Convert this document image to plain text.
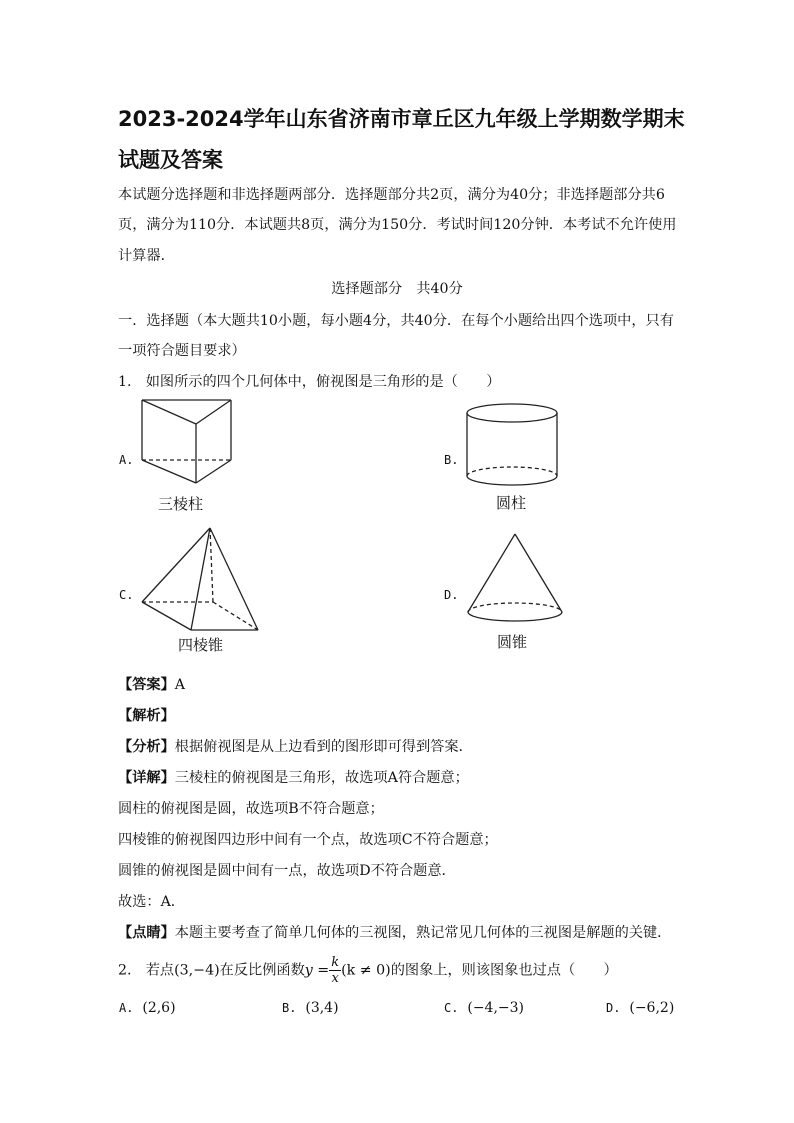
2023-2024学年山东省济南市章丘区九年级上学期数学期末
试题及答案
本试题分选择题和非选择题两部分．选择题部分共2页，满分为40分；非选择题部分共6
页，满分为110分．本试题共8页，满分为150分．考试时间120分钟．本考试不允许使用
计算器．
选择题部分　共40分
一．选择题（本大题共10小题，每小题4分，共40分．在每个小题给出四个选项中，只有
一项符合题目要求）
1.　如图所示的四个几何体中，俯视图是三角形的是（　　）
A.
三棱柱
B.
圆柱
C.
四棱锥
D.
圆锥
【答案】A
【解析】
【分析】根据俯视图是从上边看到的图形即可得到答案．
【详解】三棱柱的俯视图是三角形，故选项A符合题意；
圆柱的俯视图是圆，故选项B不符合题意；
四棱锥的俯视图四边形中间有一个点，故选项C不符合题意；
圆锥的俯视图是圆中间有一点，故选项D不符合题意．
故选：A．
【点睛】本题主要考查了简单几何体的三视图，熟记常见几何体的三视图是解题的关键．
2.　若点(3,−4)在反比例函数$y = \frac{k}{x} (k \ne 0)$的图象上，则该图象也过点（　　）
A. (2,6)	B. (3,4)	C. (−4,−3)	D. (−6,2)
